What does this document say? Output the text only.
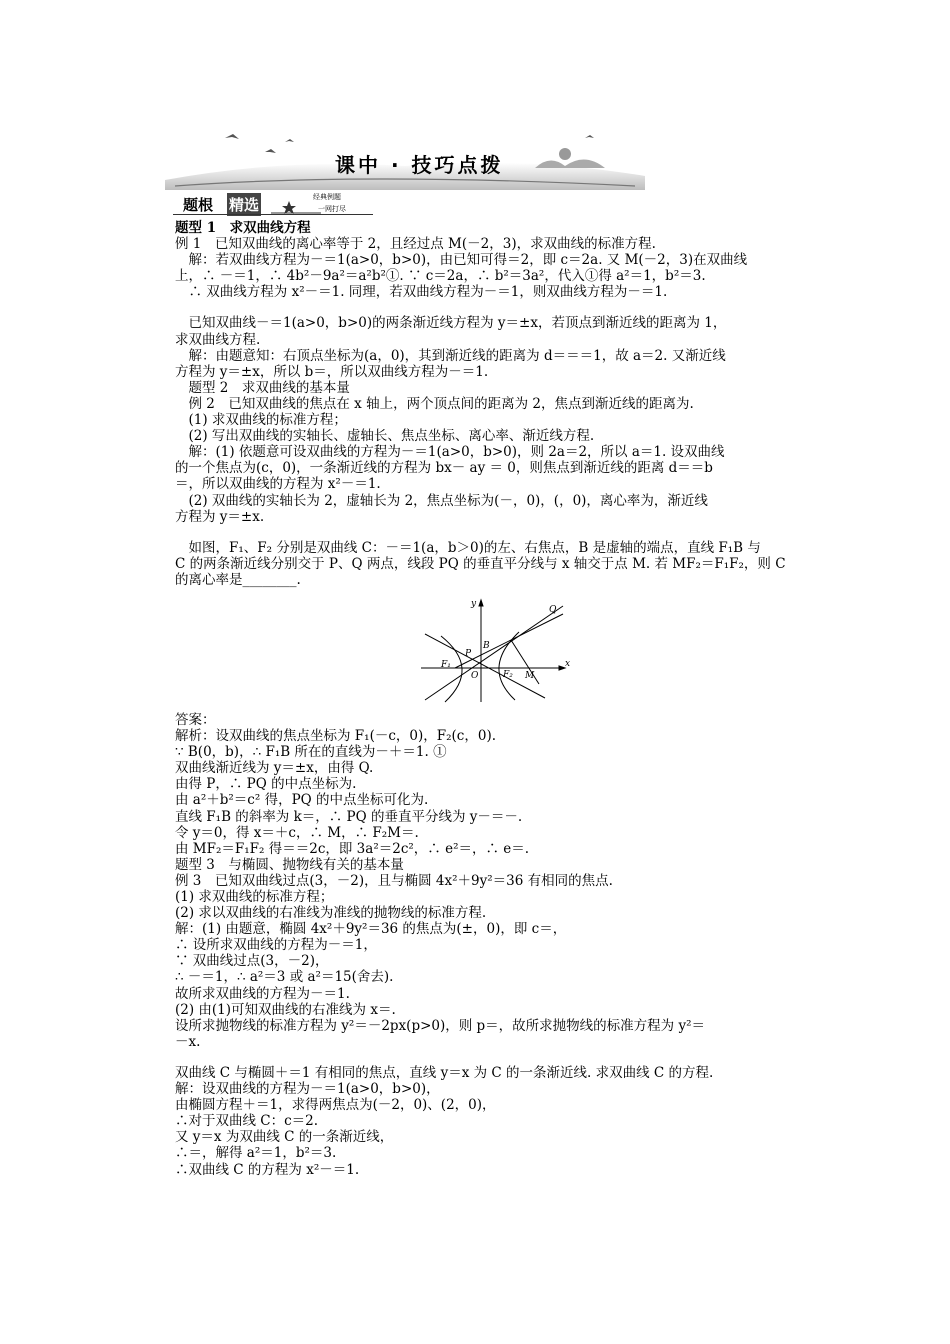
课中 · 技巧点拨
题根 精选	经典例题
一网打尽
题型 1　求双曲线方程
例 1　已知双曲线的离心率等于 2，且经过点 M(－2，3)，求双曲线的标准方程.
　解：若双曲线方程为－＝1(a>0，b>0)，由已知可得＝2，即 c＝2a. 又 M(－2，3)在双曲线
上，∴ －＝1，∴ 4b²－9a²＝a²b²①. ∵ c＝2a，∴ b²＝3a²，代入①得 a²＝1，b²＝3.
　∴ 双曲线方程为 x²－＝1. 同理，若双曲线方程为－＝1，则双曲线方程为－＝1.
　已知双曲线－＝1(a>0，b>0)的两条渐近线方程为 y＝±x，若顶点到渐近线的距离为 1，
求双曲线方程.
　解：由题意知：右顶点坐标为(a，0)，其到渐近线的距离为 d＝＝＝1，故 a＝2. 又渐近线
方程为 y＝±x，所以 b＝，所以双曲线方程为－＝1.
　题型 2　求双曲线的基本量
　例 2　已知双曲线的焦点在 x 轴上，两个顶点间的距离为 2，焦点到渐近线的距离为.
　(1) 求双曲线的标准方程；
　(2) 写出双曲线的实轴长、虚轴长、焦点坐标、离心率、渐近线方程.
　解：(1) 依题意可设双曲线的方程为－＝1(a>0，b>0)，则 2a＝2，所以 a＝1. 设双曲线
的一个焦点为(c，0)，一条渐近线的方程为 bx－ ay ＝ 0，则焦点到渐近线的距离 d＝＝b
＝，所以双曲线的方程为 x²－＝1.
　(2) 双曲线的实轴长为 2，虚轴长为 2，焦点坐标为(－，0)，(，0)，离心率为，渐近线
方程为 y＝±x.
　如图，F₁、F₂ 分别是双曲线 C：－＝1(a，b＞0)的左、右焦点，B 是虚轴的端点，直线 F₁B 与
C 的两条渐近线分别交于 P、Q 两点，线段 PQ 的垂直平分线与 x 轴交于点 M. 若 MF₂＝F₁F₂，则 C
的离心率是________.
y
x
Q
P
B
F₁
O	F₂ M
答案：
解析：设双曲线的焦点坐标为 F₁(－c，0)，F₂(c，0).
∵ B(0，b)，∴ F₁B 所在的直线为－＋＝1. ①
双曲线渐近线为 y＝±x，由得 Q.
由得 P，∴ PQ 的中点坐标为.
由 a²＋b²＝c² 得，PQ 的中点坐标可化为.
直线 F₁B 的斜率为 k＝，∴ PQ 的垂直平分线为 y－＝－.
令 y＝0，得 x＝＋c，∴ M，∴ F₂M＝.
由 MF₂＝F₁F₂ 得＝＝2c，即 3a²＝2c²，∴ e²＝，∴ e＝.
题型 3　与椭圆、抛物线有关的基本量
例 3　已知双曲线过点(3，－2)，且与椭圆 4x²＋9y²＝36 有相同的焦点.
(1) 求双曲线的标准方程；
(2) 求以双曲线的右准线为准线的抛物线的标准方程.
解：(1) 由题意，椭圆 4x²＋9y²＝36 的焦点为(±，0)，即 c＝，
∴ 设所求双曲线的方程为－＝1，
∵ 双曲线过点(3，－2)，
∴ －＝1，∴ a²＝3 或 a²＝15(舍去).
故所求双曲线的方程为－＝1.
(2) 由(1)可知双曲线的右准线为 x＝.
设所求抛物线的标准方程为 y²＝－2px(p>0)，则 p＝，故所求抛物线的标准方程为 y²＝
－x.
双曲线 C 与椭圆＋＝1 有相同的焦点，直线 y＝x 为 C 的一条渐近线. 求双曲线 C 的方程.
解：设双曲线的方程为－＝1(a>0，b>0)，
由椭圆方程＋＝1，求得两焦点为(－2，0)、(2，0)，
∴对于双曲线 C：c＝2.
又 y＝x 为双曲线 C 的一条渐近线，
∴＝，解得 a²＝1，b²＝3.
∴双曲线 C 的方程为 x²－＝1.
